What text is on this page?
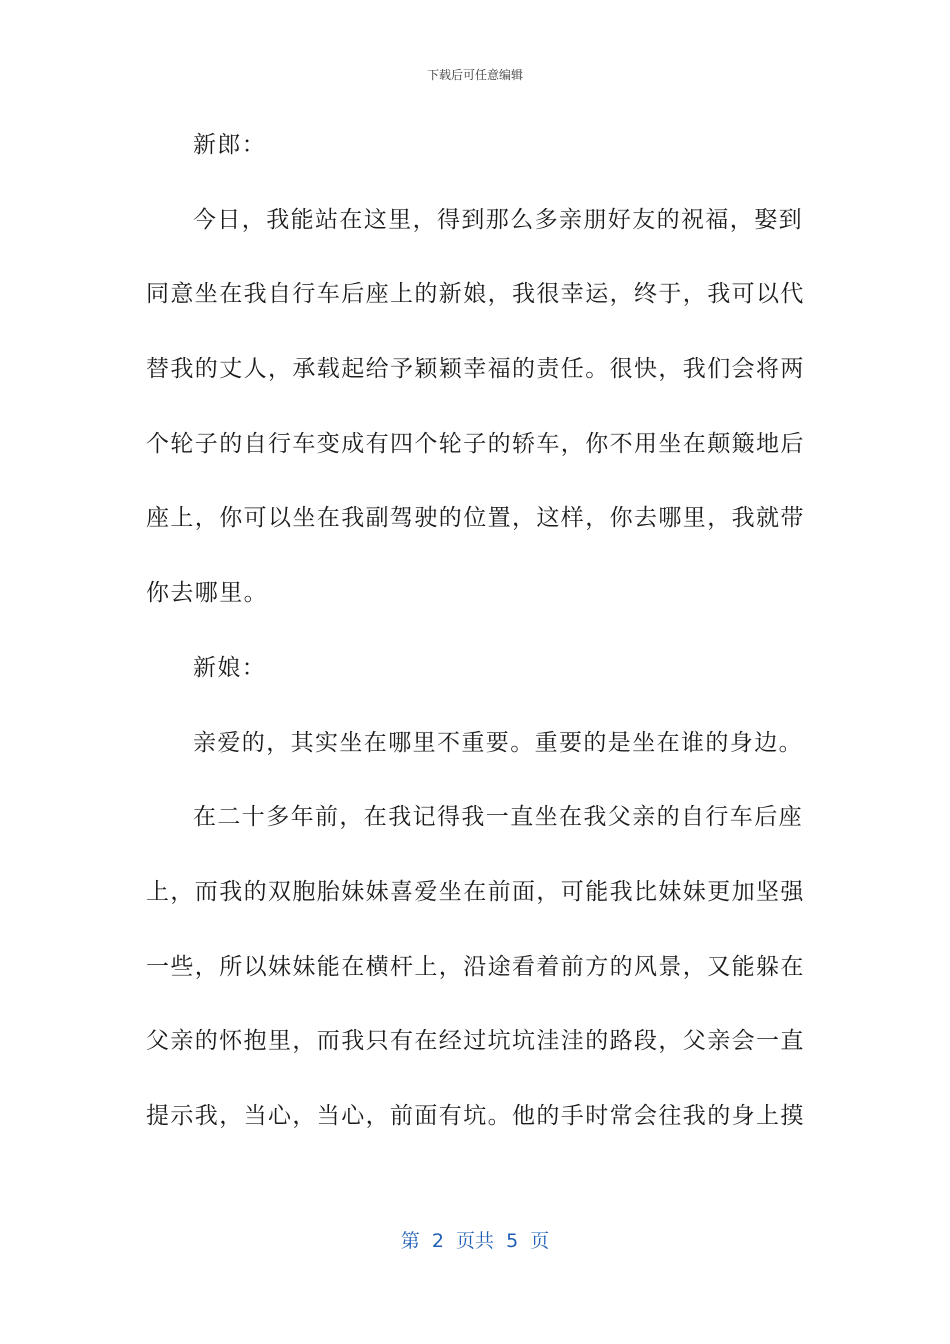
下载后可任意编辑
新郎：
今日，我能站在这里，得到那么多亲朋好友的祝福，娶到
同意坐在我自行车后座上的新娘，我很幸运，终于，我可以代
替我的丈人，承载起给予颖颖幸福的责任。很快，我们会将两
个轮子的自行车变成有四个轮子的轿车，你不用坐在颠簸地后
座上，你可以坐在我副驾驶的位置，这样，你去哪里，我就带
你去哪里。
新娘：
亲爱的，其实坐在哪里不重要。重要的是坐在谁的身边。
在二十多年前，在我记得我一直坐在我父亲的自行车后座
上，而我的双胞胎妹妹喜爱坐在前面，可能我比妹妹更加坚强
一些，所以妹妹能在横杆上，沿途看着前方的风景，又能躲在
父亲的怀抱里，而我只有在经过坑坑洼洼的路段，父亲会一直
提示我，当心，当心，前面有坑。他的手时常会往我的身上摸
第  2  页共  5  页
